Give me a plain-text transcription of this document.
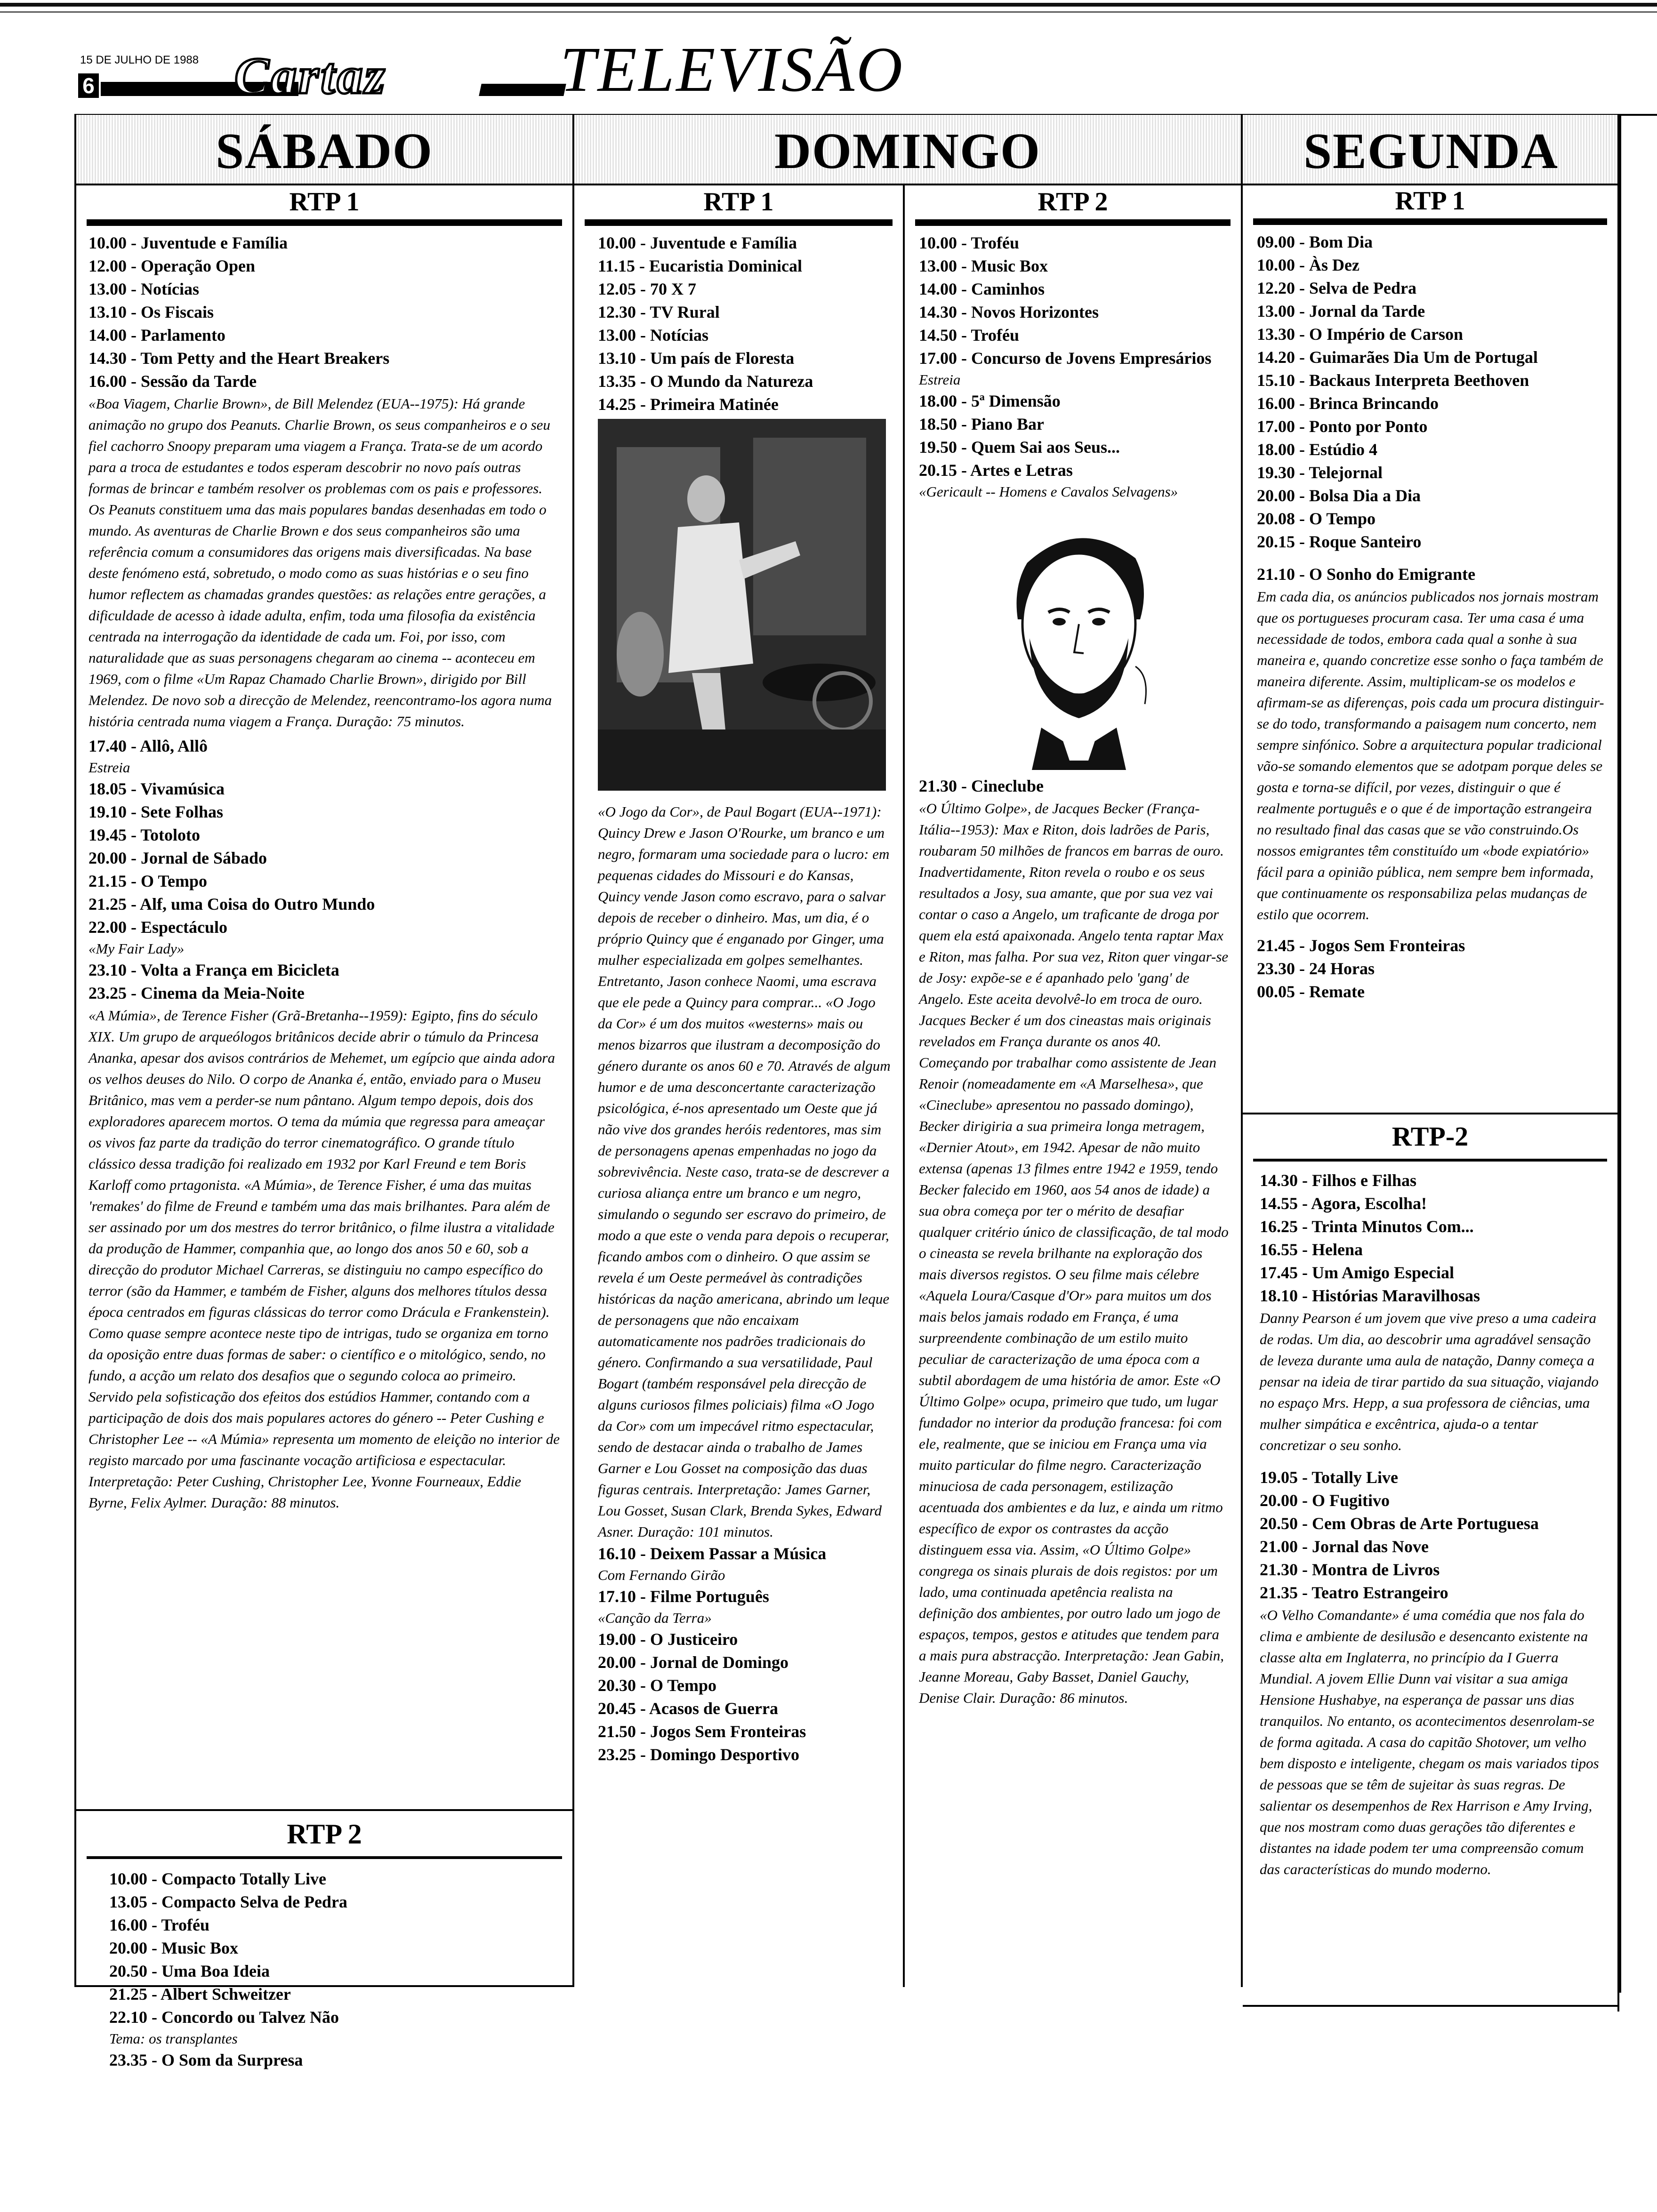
15 DE JULHO DE 1988
6	Cartaz	TELEVISÃO
SÁBADO
RTP 1
10.00 - Juventude e Família
12.00 - Operação Open
13.00 - Notícias
13.10 - Os Fiscais
14.00 - Parlamento
14.30 - Tom Petty and the Heart Breakers
16.00 - Sessão da Tarde
«Boa Viagem, Charlie Brown», de Bill Melendez (EUA--1975): Há grande animação no grupo dos Peanuts. Charlie Brown, os seus companheiros e o seu fiel cachorro Snoopy preparam uma viagem a França. Trata-se de um acordo para a troca de estudantes e todos esperam descobrir no novo país outras formas de brincar e também resolver os problemas com os pais e professores. Os Peanuts constituem uma das mais populares bandas desenhadas em todo o mundo. As aventuras de Charlie Brown e dos seus companheiros são uma referência comum a consumidores das origens mais diversificadas. Na base deste fenómeno está, sobretudo, o modo como as suas histórias e o seu fino humor reflectem as chamadas grandes questões: as relações entre gerações, a dificuldade de acesso à idade adulta, enfim, toda uma filosofia da existência centrada na interrogação da identidade de cada um. Foi, por isso, com naturalidade que as suas personagens chegaram ao cinema -- aconteceu em 1969, com o filme «Um Rapaz Chamado Charlie Brown», dirigido por Bill Melendez. De novo sob a direcção de Melendez, reencontramo-los agora numa história centrada numa viagem a França. Duração: 75 minutos.
17.40 - Allô, Allô
Estreia
18.05 - Vivamúsica
19.10 - Sete Folhas
19.45 - Totoloto
20.00 - Jornal de Sábado
21.15 - O Tempo
21.25 - Alf, uma Coisa do Outro Mundo
22.00 - Espectáculo
«My Fair Lady»
23.10 - Volta a França em Bicicleta
23.25 - Cinema da Meia-Noite
«A Múmia», de Terence Fisher (Grã-Bretanha--1959): Egipto, fins do século XIX. Um grupo de arqueólogos britânicos decide abrir o túmulo da Princesa Ananka, apesar dos avisos contrários de Mehemet, um egípcio que ainda adora os velhos deuses do Nilo. O corpo de Ananka é, então, enviado para o Museu Britânico, mas vem a perder-se num pântano. Algum tempo depois, dois dos exploradores aparecem mortos. O tema da múmia que regressa para ameaçar os vivos faz parte da tradição do terror cinematográfico. O grande título clássico dessa tradição foi realizado em 1932 por Karl Freund e tem Boris Karloff como prtagonista. «A Múmia», de Terence Fisher, é uma das muitas 'remakes' do filme de Freund e também uma das mais brilhantes. Para além de ser assinado por um dos mestres do terror britânico, o filme ilustra a vitalidade da produção de Hammer, companhia que, ao longo dos anos 50 e 60, sob a direcção do produtor Michael Carreras, se distinguiu no campo específico do terror (são da Hammer, e também de Fisher, alguns dos melhores títulos dessa época centrados em figuras clássicas do terror como Drácula e Frankenstein). Como quase sempre acontece neste tipo de intrigas, tudo se organiza em torno da oposição entre duas formas de saber: o científico e o mitológico, sendo, no fundo, a acção um relato dos desafios que o segundo coloca ao primeiro. Servido pela sofisticação dos efeitos dos estúdios Hammer, contando com a participação de dois dos mais populares actores do género -- Peter Cushing e Christopher Lee -- «A Múmia» representa um momento de eleição no interior de registo marcado por uma fascinante vocação artificiosa e espectacular. Interpretação: Peter Cushing, Christopher Lee, Yvonne Fourneaux, Eddie Byrne, Felix Aylmer. Duração: 88 minutos.
RTP 2
10.00 - Compacto Totally Live
13.05 - Compacto Selva de Pedra
16.00 - Troféu
20.00 - Music Box
20.50 - Uma Boa Ideia
21.25 - Albert Schweitzer
22.10 - Concordo ou Talvez Não
Tema: os transplantes
23.35 - O Som da Surpresa
DOMINGO
RTP 1
10.00 - Juventude e Família
11.15 - Eucaristia Dominical
12.05 - 70 X 7
12.30 - TV Rural
13.00 - Notícias
13.10 - Um país de Floresta
13.35 - O Mundo da Natureza
14.25 - Primeira Matinée
«O Jogo da Cor», de Paul Bogart (EUA--1971): Quincy Drew e Jason O'Rourke, um branco e um negro, formaram uma sociedade para o lucro: em pequenas cidades do Missouri e do Kansas, Quincy vende Jason como escravo, para o salvar depois de receber o dinheiro. Mas, um dia, é o próprio Quincy que é enganado por Ginger, uma mulher especializada em golpes semelhantes. Entretanto, Jason conhece Naomi, uma escrava que ele pede a Quincy para comprar... «O Jogo da Cor» é um dos muitos «westerns» mais ou menos bizarros que ilustram a decomposição do género durante os anos 60 e 70. Através de algum humor e de uma desconcertante caracterização psicológica, é-nos apresentado um Oeste que já não vive dos grandes heróis redentores, mas sim de personagens apenas empenhadas no jogo da sobrevivência. Neste caso, trata-se de descrever a curiosa aliança entre um branco e um negro, simulando o segundo ser escravo do primeiro, de modo a que este o venda para depois o recuperar, ficando ambos com o dinheiro. O que assim se revela é um Oeste permeável às contradições históricas da nação americana, abrindo um leque de personagens que não encaixam automaticamente nos padrões tradicionais do género. Confirmando a sua versatilidade, Paul Bogart (também responsável pela direcção de alguns curiosos filmes policiais) filma «O Jogo da Cor» com um impecável ritmo espectacular, sendo de destacar ainda o trabalho de James Garner e Lou Gosset na composição das duas figuras centrais. Interpretação: James Garner, Lou Gosset, Susan Clark, Brenda Sykes, Edward Asner. Duração: 101 minutos.
16.10 - Deixem Passar a Música
Com Fernando Girão
17.10 - Filme Português
«Canção da Terra»
19.00 - O Justiceiro
20.00 - Jornal de Domingo
20.30 - O Tempo
20.45 - Acasos de Guerra
21.50 - Jogos Sem Fronteiras
23.25 - Domingo Desportivo
RTP 2
10.00 - Troféu
13.00 - Music Box
14.00 - Caminhos
14.30 - Novos Horizontes
14.50 - Troféu
17.00 - Concurso de Jovens Empresários
Estreia
18.00 - 5ª Dimensão
18.50 - Piano Bar
19.50 - Quem Sai aos Seus...
20.15 - Artes e Letras
«Gericault -- Homens e Cavalos Selvagens»
21.30 - Cineclube
«O Último Golpe», de Jacques Becker (França-Itália--1953): Max e Riton, dois ladrões de Paris, roubaram 50 milhões de francos em barras de ouro. Inadvertidamente, Riton revela o roubo e os seus resultados a Josy, sua amante, que por sua vez vai contar o caso a Angelo, um traficante de droga por quem ela está apaixonada. Angelo tenta raptar Max e Riton, mas falha. Por sua vez, Riton quer vingar-se de Josy: expõe-se e é apanhado pelo 'gang' de Angelo. Este aceita devolvê-lo em troca de ouro. Jacques Becker é um dos cineastas mais originais revelados em França durante os anos 40. Começando por trabalhar como assistente de Jean Renoir (nomeadamente em «A Marselhesa», que «Cineclube» apresentou no passado domingo), Becker dirigiria a sua primeira longa metragem, «Dernier Atout», em 1942. Apesar de não muito extensa (apenas 13 filmes entre 1942 e 1959, tendo Becker falecido em 1960, aos 54 anos de idade) a sua obra começa por ter o mérito de desafiar qualquer critério único de classificação, de tal modo o cineasta se revela brilhante na exploração dos mais diversos registos. O seu filme mais célebre «Aquela Loura/Casque d'Or» para muitos um dos mais belos jamais rodado em França, é uma surpreendente combinação de um estilo muito peculiar de caracterização de uma época com a subtil abordagem de uma história de amor. Este «O Último Golpe» ocupa, primeiro que tudo, um lugar fundador no interior da produção francesa: foi com ele, realmente, que se iniciou em França uma via muito particular do filme negro. Caracterização minuciosa de cada personagem, estilização acentuada dos ambientes e da luz, e ainda um ritmo específico de expor os contrastes da acção distinguem essa via. Assim, «O Último Golpe» congrega os sinais plurais de dois registos: por um lado, uma continuada apetência realista na definição dos ambientes, por outro lado um jogo de espaços, tempos, gestos e atitudes que tendem para a mais pura abstracção. Interpretação: Jean Gabin, Jeanne Moreau, Gaby Basset, Daniel Gauchy, Denise Clair. Duração: 86 minutos.
SEGUNDA
RTP 1
09.00 - Bom Dia
10.00 - Às Dez
12.20 - Selva de Pedra
13.00 - Jornal da Tarde
13.30 - O Império de Carson
14.20 - Guimarães Dia Um de Portugal
15.10 - Backaus Interpreta Beethoven
16.00 - Brinca Brincando
17.00 - Ponto por Ponto
18.00 - Estúdio 4
19.30 - Telejornal
20.00 - Bolsa Dia a Dia
20.08 - O Tempo
20.15 - Roque Santeiro
21.10 - O Sonho do Emigrante
Em cada dia, os anúncios publicados nos jornais mostram que os portugueses procuram casa. Ter uma casa é uma necessidade de todos, embora cada qual a sonhe à sua maneira e, quando concretize esse sonho o faça também de maneira diferente. Assim, multiplicam-se os modelos e afirmam-se as diferenças, pois cada um procura distinguir-se do todo, transformando a paisagem num concerto, nem sempre sinfónico. Sobre a arquitectura popular tradicional vão-se somando elementos que se adotpam porque deles se gosta e torna-se difícil, por vezes, distinguir o que é realmente português e o que é de importação estrangeira no resultado final das casas que se vão construindo.Os nossos emigrantes têm constituído um «bode expiatório» fácil para a opinião pública, nem sempre bem informada, que continuamente os responsabiliza pelas mudanças de estilo que ocorrem.
21.45 - Jogos Sem Fronteiras
23.30 - 24 Horas
00.05 - Remate
RTP-2
14.30 - Filhos e Filhas
14.55 - Agora, Escolha!
16.25 - Trinta Minutos Com...
16.55 - Helena
17.45 - Um Amigo Especial
18.10 - Histórias Maravilhosas
Danny Pearson é um jovem que vive preso a uma cadeira de rodas. Um dia, ao descobrir uma agradável sensação de leveza durante uma aula de natação, Danny começa a pensar na ideia de tirar partido da sua situação, viajando no espaço Mrs. Hepp, a sua professora de ciências, uma mulher simpática e excêntrica, ajuda-o a tentar concretizar o seu sonho.
19.05 - Totally Live
20.00 - O Fugitivo
20.50 - Cem Obras de Arte Portuguesa
21.00 - Jornal das Nove
21.30 - Montra de Livros
21.35 - Teatro Estrangeiro
«O Velho Comandante» é uma comédia que nos fala do clima e ambiente de desilusão e desencanto existente na classe alta em Inglaterra, no princípio da I Guerra Mundial. A jovem Ellie Dunn vai visitar a sua amiga Hensione Hushabye, na esperança de passar uns dias tranquilos. No entanto, os acontecimentos desenrolam-se de forma agitada. A casa do capitão Shotover, um velho bem disposto e inteligente, chegam os mais variados tipos de pessoas que se têm de sujeitar às suas regras. De salientar os desempenhos de Rex Harrison e Amy Irving, que nos mostram como duas gerações tão diferentes e distantes na idade podem ter uma compreensão comum das características do mundo moderno.
